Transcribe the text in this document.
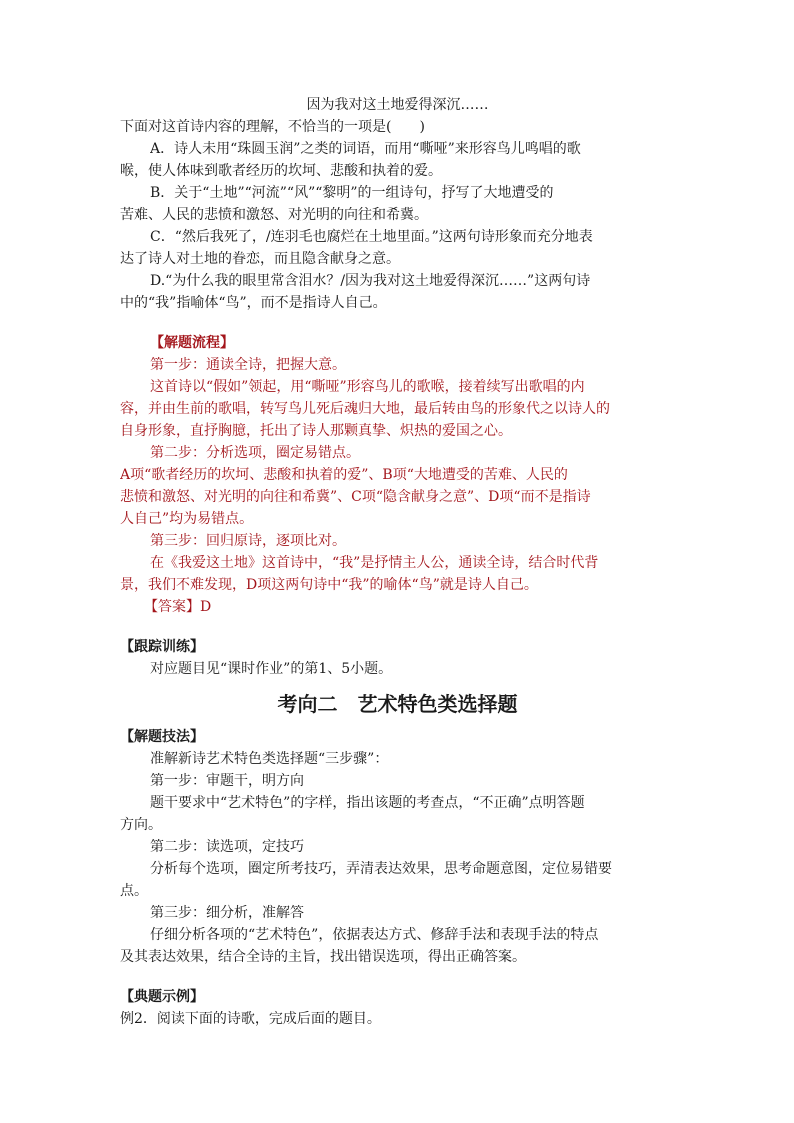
因为我对这土地爱得深沉……
下面对这首诗内容的理解，不恰当的一项是(　　)
A．诗人未用“珠圆玉润”之类的词语，而用“嘶哑”来形容鸟儿鸣唱的歌
喉，使人体味到歌者经历的坎坷、悲酸和执着的爱。
B．关于“土地”“河流”“风”“黎明”的一组诗句，抒写了大地遭受的
苦难、人民的悲愤和激怒、对光明的向往和希冀。
C．“然后我死了，/连羽毛也腐烂在土地里面。”这两句诗形象而充分地表
达了诗人对土地的眷恋，而且隐含献身之意。
D.“为什么我的眼里常含泪水？/因为我对这土地爱得深沉……”这两句诗
中的“我”指喻体“鸟”，而不是指诗人自己。
【解题流程】
第一步：通读全诗，把握大意。
这首诗以“假如”领起，用“嘶哑”形容鸟儿的歌喉，接着续写出歌唱的内
容，并由生前的歌唱，转写鸟儿死后魂归大地，最后转由鸟的形象代之以诗人的
自身形象，直抒胸臆，托出了诗人那颗真挚、炽热的爱国之心。
第二步：分析选项，圈定易错点。
A项“歌者经历的坎坷、悲酸和执着的爱”、B项“大地遭受的苦难、人民的
悲愤和激怒、对光明的向往和希冀”、C项“隐含献身之意”、D项“而不是指诗
人自己”均为易错点。
第三步：回归原诗，逐项比对。
在《我爱这土地》这首诗中，“我”是抒情主人公，通读全诗，结合时代背
景，我们不难发现，D项这两句诗中“我”的喻体“鸟”就是诗人自己。
【答案】D
【跟踪训练】
对应题目见“课时作业”的第1、5小题。
考向二　艺术特色类选择题
【解题技法】
准解新诗艺术特色类选择题“三步骤”：
第一步：审题干，明方向
题干要求中“艺术特色”的字样，指出该题的考查点，“不正确”点明答题
方向。
第二步：读选项，定技巧
分析每个选项，圈定所考技巧，弄清表达效果，思考命题意图，定位易错要
点。
第三步：细分析，准解答
仔细分析各项的“艺术特色”，依据表达方式、修辞手法和表现手法的特点
及其表达效果，结合全诗的主旨，找出错误选项，得出正确答案。
【典题示例】
例2．阅读下面的诗歌，完成后面的题目。
